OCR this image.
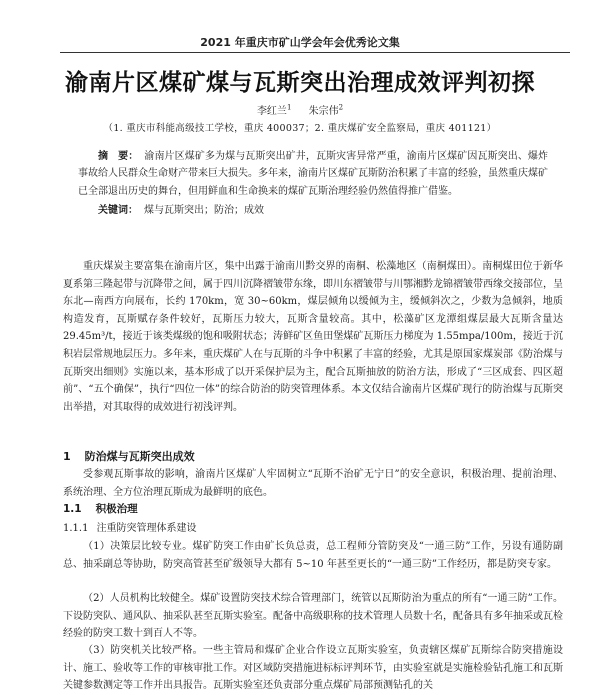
2021 年重庆市矿山学会年会优秀论文集
渝南片区煤矿煤与瓦斯突出治理成效评判初探
李红兰$^1$ 朱宗伟$^2$
（1. 重庆市科能高级技工学校，重庆 400037；2. 重庆煤矿安全监察局，重庆 401121）
摘　要： 渝南片区煤矿多为煤与瓦斯突出矿井，瓦斯灾害异常严重，渝南片区煤矿因瓦斯突出、爆炸事故给人民群众生命财产带来巨大损失。多年来，渝南片区煤矿瓦斯防治积累了丰富的经验，虽然重庆煤矿已全部退出历史的舞台，但用鲜血和生命换来的煤矿瓦斯治理经验仍然值得推广借鉴。
关键词： 煤与瓦斯突出；防治；成效
重庆煤炭主要富集在渝南片区，集中出露于渝南川黔交界的南桐、松藻地区（南桐煤田）。南桐煤田位于新华夏系第三隆起带与沉降带之间，属于四川沉降褶皱带东缘，即川东褶皱带与川鄂湘黔龙锦褶皱带西缘交接部位，呈东北—南西方向展布，长约 170km，宽 30~60km，煤层倾角以缓倾为主，缓倾斜次之，少数为急倾斜，地质构造发育，瓦斯赋存条件较好，瓦斯压力较大，瓦斯含量较高。其中，松藻矿区龙潭组煤层最大瓦斯含量达 29.45m³/t，接近于该类煤级的饱和吸附状态；涛鲜矿区鱼田堡煤矿瓦斯压力梯度为 1.55mpa/100m，接近于沉积岩层常规地层压力。多年来，重庆煤矿人在与瓦斯的斗争中积累了丰富的经验，尤其是原国家煤炭部《防治煤与瓦斯突出细则》实施以来，基本形成了以开采保护层为主，配合瓦斯抽放的防治方法，形成了“三区成套、四区超前”、“五个确保”，执行“四位一体”的综合防治的防突管理体系。本文仅结合渝南片区煤矿现行的防治煤与瓦斯突出举措，对其取得的成效进行初浅评判。
1 防治煤与瓦斯突出成效
受参观瓦斯事故的影响，渝南片区煤矿人牢固树立“瓦斯不治矿无宁日”的安全意识，积极治理、提前治理、系统治理、全方位治理瓦斯成为最鲜明的底色。
1.1 积极治理
1.1.1 注重防突管理体系建设
（1）决策层比较专业。煤矿防突工作由矿长负总责，总工程师分管防突及“一通三防”工作，另设有通防副总、抽采副总等协助，防突高管甚至矿级领导大都有 5~10 年甚至更长的“一通三防”工作经历，都是防突专家。
（2）人员机构比较健全。煤矿设置防突技术综合管理部门，统管以瓦斯防治为重点的所有“一通三防”工作。下设防突队、通风队、抽采队甚至瓦斯实验室。配备中高级职称的技术管理人员数十名，配备具有多年抽采或瓦检经验的防突工数十到百人不等。
（3）防突机关比较严格。一些主管局和煤矿企业合作设立瓦斯实验室，负责辖区煤矿瓦斯综合防突措施设计、施工、验收等工作的审核审批工作。对区域防突措施进标标评判环节，由实验室就是实施检验钻孔施工和瓦斯关键参数测定等工作并出具报告。瓦斯实验室还负责部分重点煤矿局部预测钻孔的关
